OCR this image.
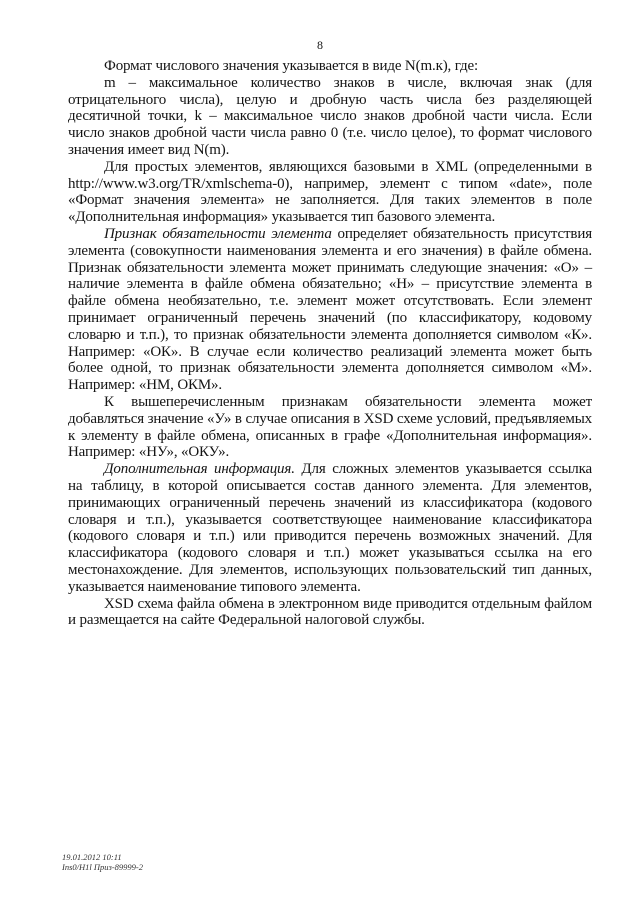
8

Формат числового значения указывается в виде N(m.к), где:

m – максимальное количество знаков в числе, включая знак (для отрицательного числа), целую и дробную часть числа без разделяющей десятичной точки, k – максимальное число знаков дробной части числа. Если число знаков дробной части числа равно 0 (т.е. число целое), то формат числового значения имеет вид N(m).

Для простых элементов, являющихся базовыми в XML (определенными в http://www.w3.org/TR/xmlschema-0), например, элемент с типом «date», поле «Формат значения элемента» не заполняется. Для таких элементов в поле «Дополнительная информация» указывается тип базового элемента.

Признак обязательности элемента определяет обязательность присутствия элемента (совокупности наименования элемента и его значения) в файле обмена. Признак обязательности элемента может принимать следующие значения: «О» – наличие элемента в файле обмена обязательно; «Н» – присутствие элемента в файле обмена необязательно, т.е. элемент может отсутствовать. Если элемент принимает ограниченный перечень значений (по классификатору, кодовому словарю и т.п.), то признак обязательности элемента дополняется символом «К». Например: «ОК». В случае если количество реализаций элемента может быть более одной, то признак обязательности элемента дополняется символом «М». Например: «НМ, ОКМ».

К вышеперечисленным признакам обязательности элемента может добавляться значение «У» в случае описания в XSD схеме условий, предъявляемых к элементу в файле обмена, описанных в графе «Дополнительная информация». Например: «НУ», «ОКУ».

Дополнительная информация. Для сложных элементов указывается ссылка на таблицу, в которой описывается состав данного элемента. Для элементов, принимающих ограниченный перечень значений из классификатора (кодового словаря и т.п.), указывается соответствующее наименование классификатора (кодового словаря и т.п.) или приводится перечень возможных значений. Для классификатора (кодового словаря и т.п.) может указываться ссылка на его местонахождение. Для элементов, использующих пользовательский тип данных, указывается наименование типового элемента.

XSD схема файла обмена в электронном виде приводится отдельным файлом и размещается на сайте Федеральной налоговой службы.

19.01.2012 10:11
Ins0/H1l Приз-89999-2
